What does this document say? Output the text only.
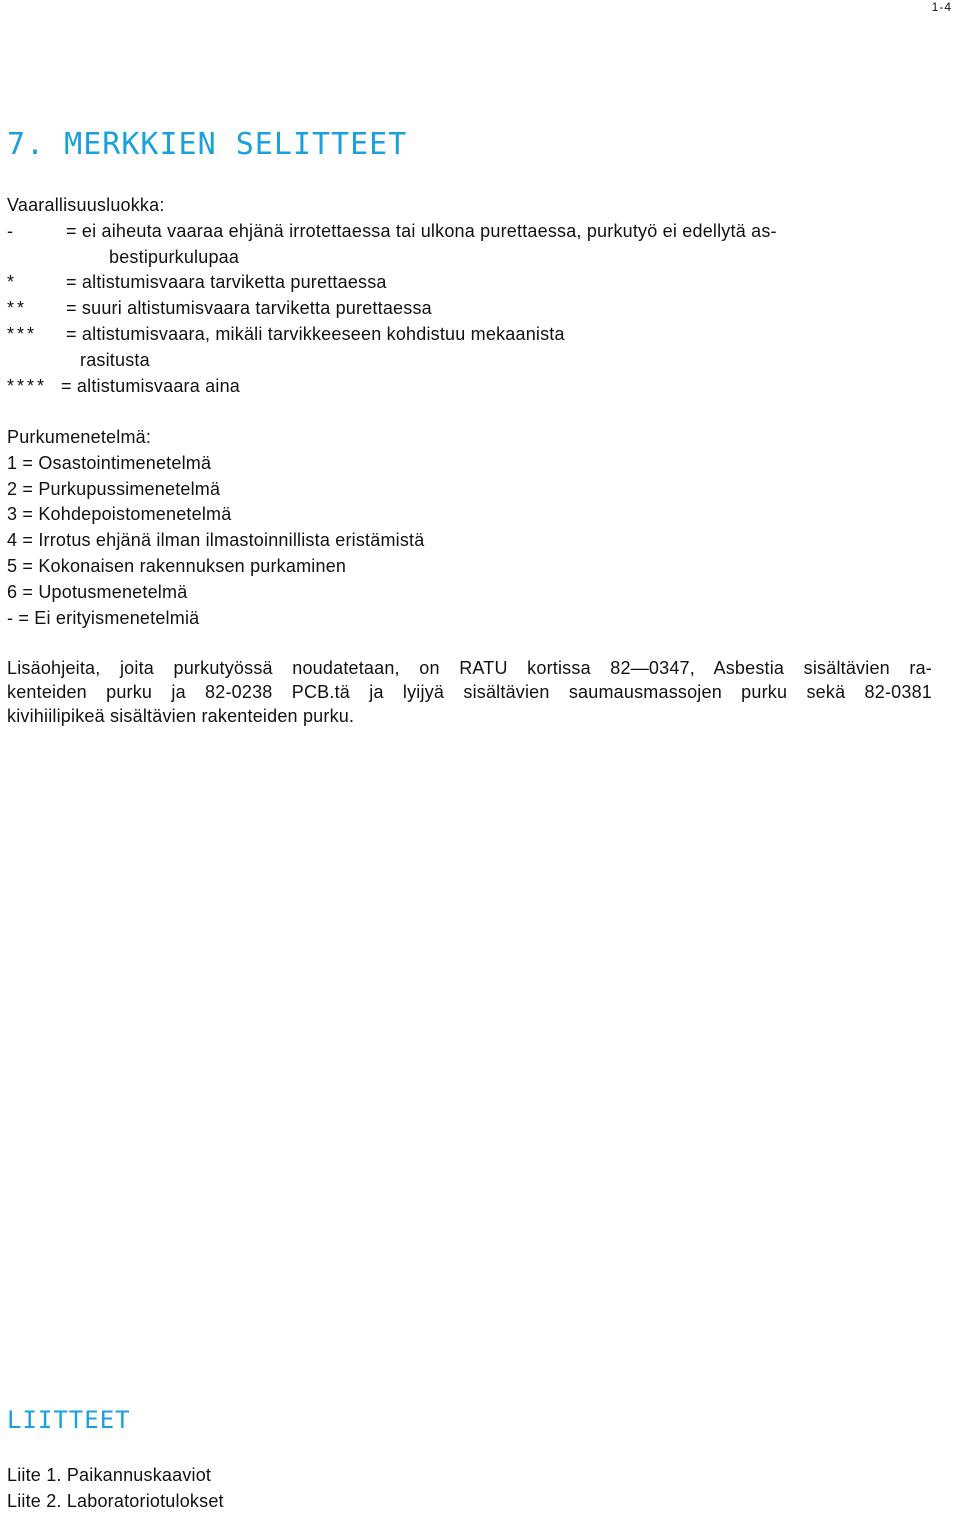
1-4
7. MERKKIEN SELITTEET
Vaarallisuusluokka:
-	= ei aiheuta vaaraa ehjänä irrotettaessa tai ulkona purettaessa, purkutyö ei edellytä as-
bestipurkulupaa
*	= altistumisvaara tarviketta purettaessa
**	= suuri altistumisvaara tarviketta purettaessa
***	= altistumisvaara, mikäli tarvikkeeseen kohdistuu mekaanista
rasitusta
**** = altistumisvaara aina
Purkumenetelmä:
1 = Osastointimenetelmä
2 = Purkupussimenetelmä
3 = Kohdepoistomenetelmä
4 = Irrotus ehjänä ilman ilmastoinnillista eristämistä
5 = Kokonaisen rakennuksen purkaminen
6 = Upotusmenetelmä
- = Ei erityismenetelmiä
Lisäohjeita, joita purkutyössä noudatetaan, on RATU kortissa 82—0347, Asbestia sisältävien ra-
kenteiden purku ja 82-0238 PCB.tä ja lyijyä sisältävien saumausmassojen purku sekä 82-0381
kivihiilipikeä sisältävien rakenteiden purku.
LIITTEET
Liite 1. Paikannuskaaviot
Liite 2. Laboratoriotulokset
